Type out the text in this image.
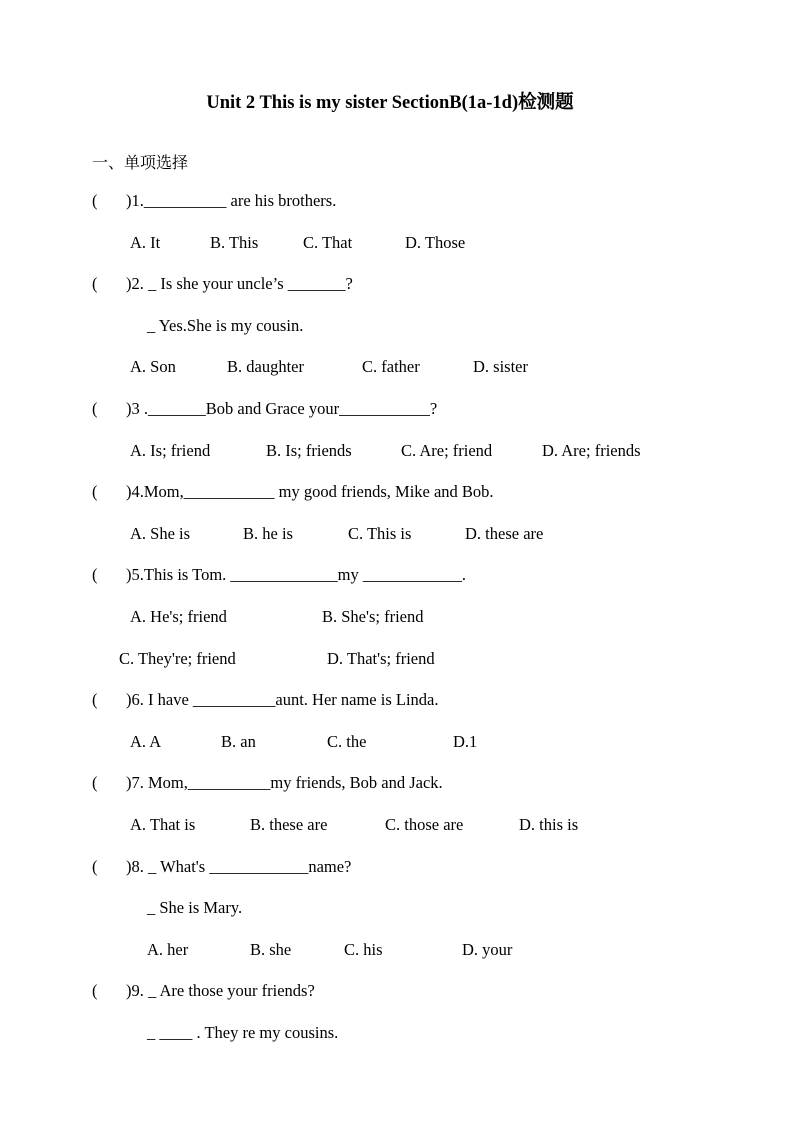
Unit 2 This is my sister SectionB(1a-1d)检测题
一、单项选择
( )1.__________ are his brothers.
A. It	B. This	C. That	D. Those
( )2. _ Is she your uncle’s _______?
_ Yes.She is my cousin.
A. Son	B. daughter	C. father	D. sister
( )3 ._______Bob and Grace your___________?
A. Is; friend	B. Is; friends	C. Are; friend	D. Are; friends
( )4.Mom,___________ my good friends, Mike and Bob.
A. She is	B. he is	C. This is	D. these are
( )5.This is Tom. _____________my ____________.
A. He's; friend	B. She's; friend
C. They're; friend	D. That's; friend
( )6. I have __________aunt. Her name is Linda.
A. A	B. an	C. the	D.1
( )7. Mom,__________my friends, Bob and Jack.
A. That is	B. these are	C. those are	D. this is
( )8. _ What's ____________name?
_ She is Mary.
A. her	B. she	C. his	D. your
( )9. _ Are those your friends?
_ ____ . They re my cousins.
